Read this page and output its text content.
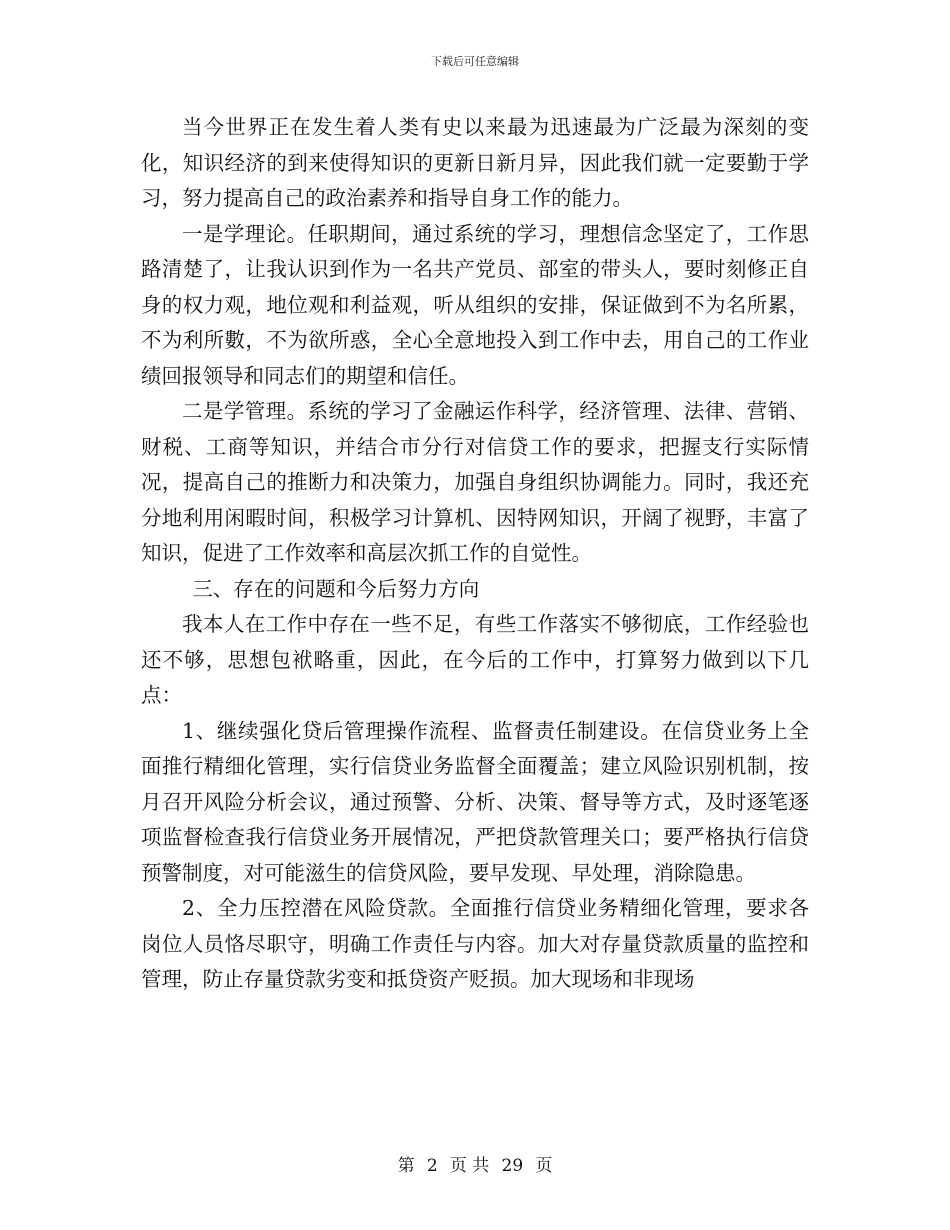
下载后可任意编辑

当今世界正在发生着人类有史以来最为迅速最为广泛最为深刻的变化，知识经济的到来使得知识的更新日新月异，因此我们就一定要勤于学习，努力提高自己的政治素养和指导自身工作的能力。

一是学理论。任职期间，通过系统的学习，理想信念坚定了，工作思路清楚了，让我认识到作为一名共产党员、部室的带头人，要时刻修正自身的权力观，地位观和利益观，听从组织的安排，保证做到不为名所累，不为利所數，不为欲所惑，全心全意地投入到工作中去，用自己的工作业绩回报领导和同志们的期望和信任。

二是学管理。系统的学习了金融运作科学，经济管理、法律、营销、财税、工商等知识，并结合市分行对信贷工作的要求，把握支行实际情况，提高自己的推断力和决策力，加强自身组织协调能力。同时，我还充分地利用闲暇时间，积极学习计算机、因特网知识，开阔了视野，丰富了知识，促进了工作效率和高层次抓工作的自觉性。

三、存在的问题和今后努力方向

我本人在工作中存在一些不足，有些工作落实不够彻底，工作经验也还不够，思想包袱略重，因此，在今后的工作中，打算努力做到以下几点：

1、继续强化贷后管理操作流程、监督责任制建设。在信贷业务上全面推行精细化管理，实行信贷业务监督全面覆盖；建立风险识别机制，按月召开风险分析会议，通过预警、分析、决策、督导等方式，及时逐笔逐项监督检查我行信贷业务开展情况，严把贷款管理关口；要严格执行信贷预警制度，对可能滋生的信贷风险，要早发现、早处理，消除隐患。

2、全力压控潜在风险贷款。全面推行信贷业务精细化管理，要求各岗位人员恪尽职守，明确工作责任与内容。加大对存量贷款质量的监控和管理，防止存量贷款劣变和抵贷资产贬损。加大现场和非现场

第 2 页 共 29 页
